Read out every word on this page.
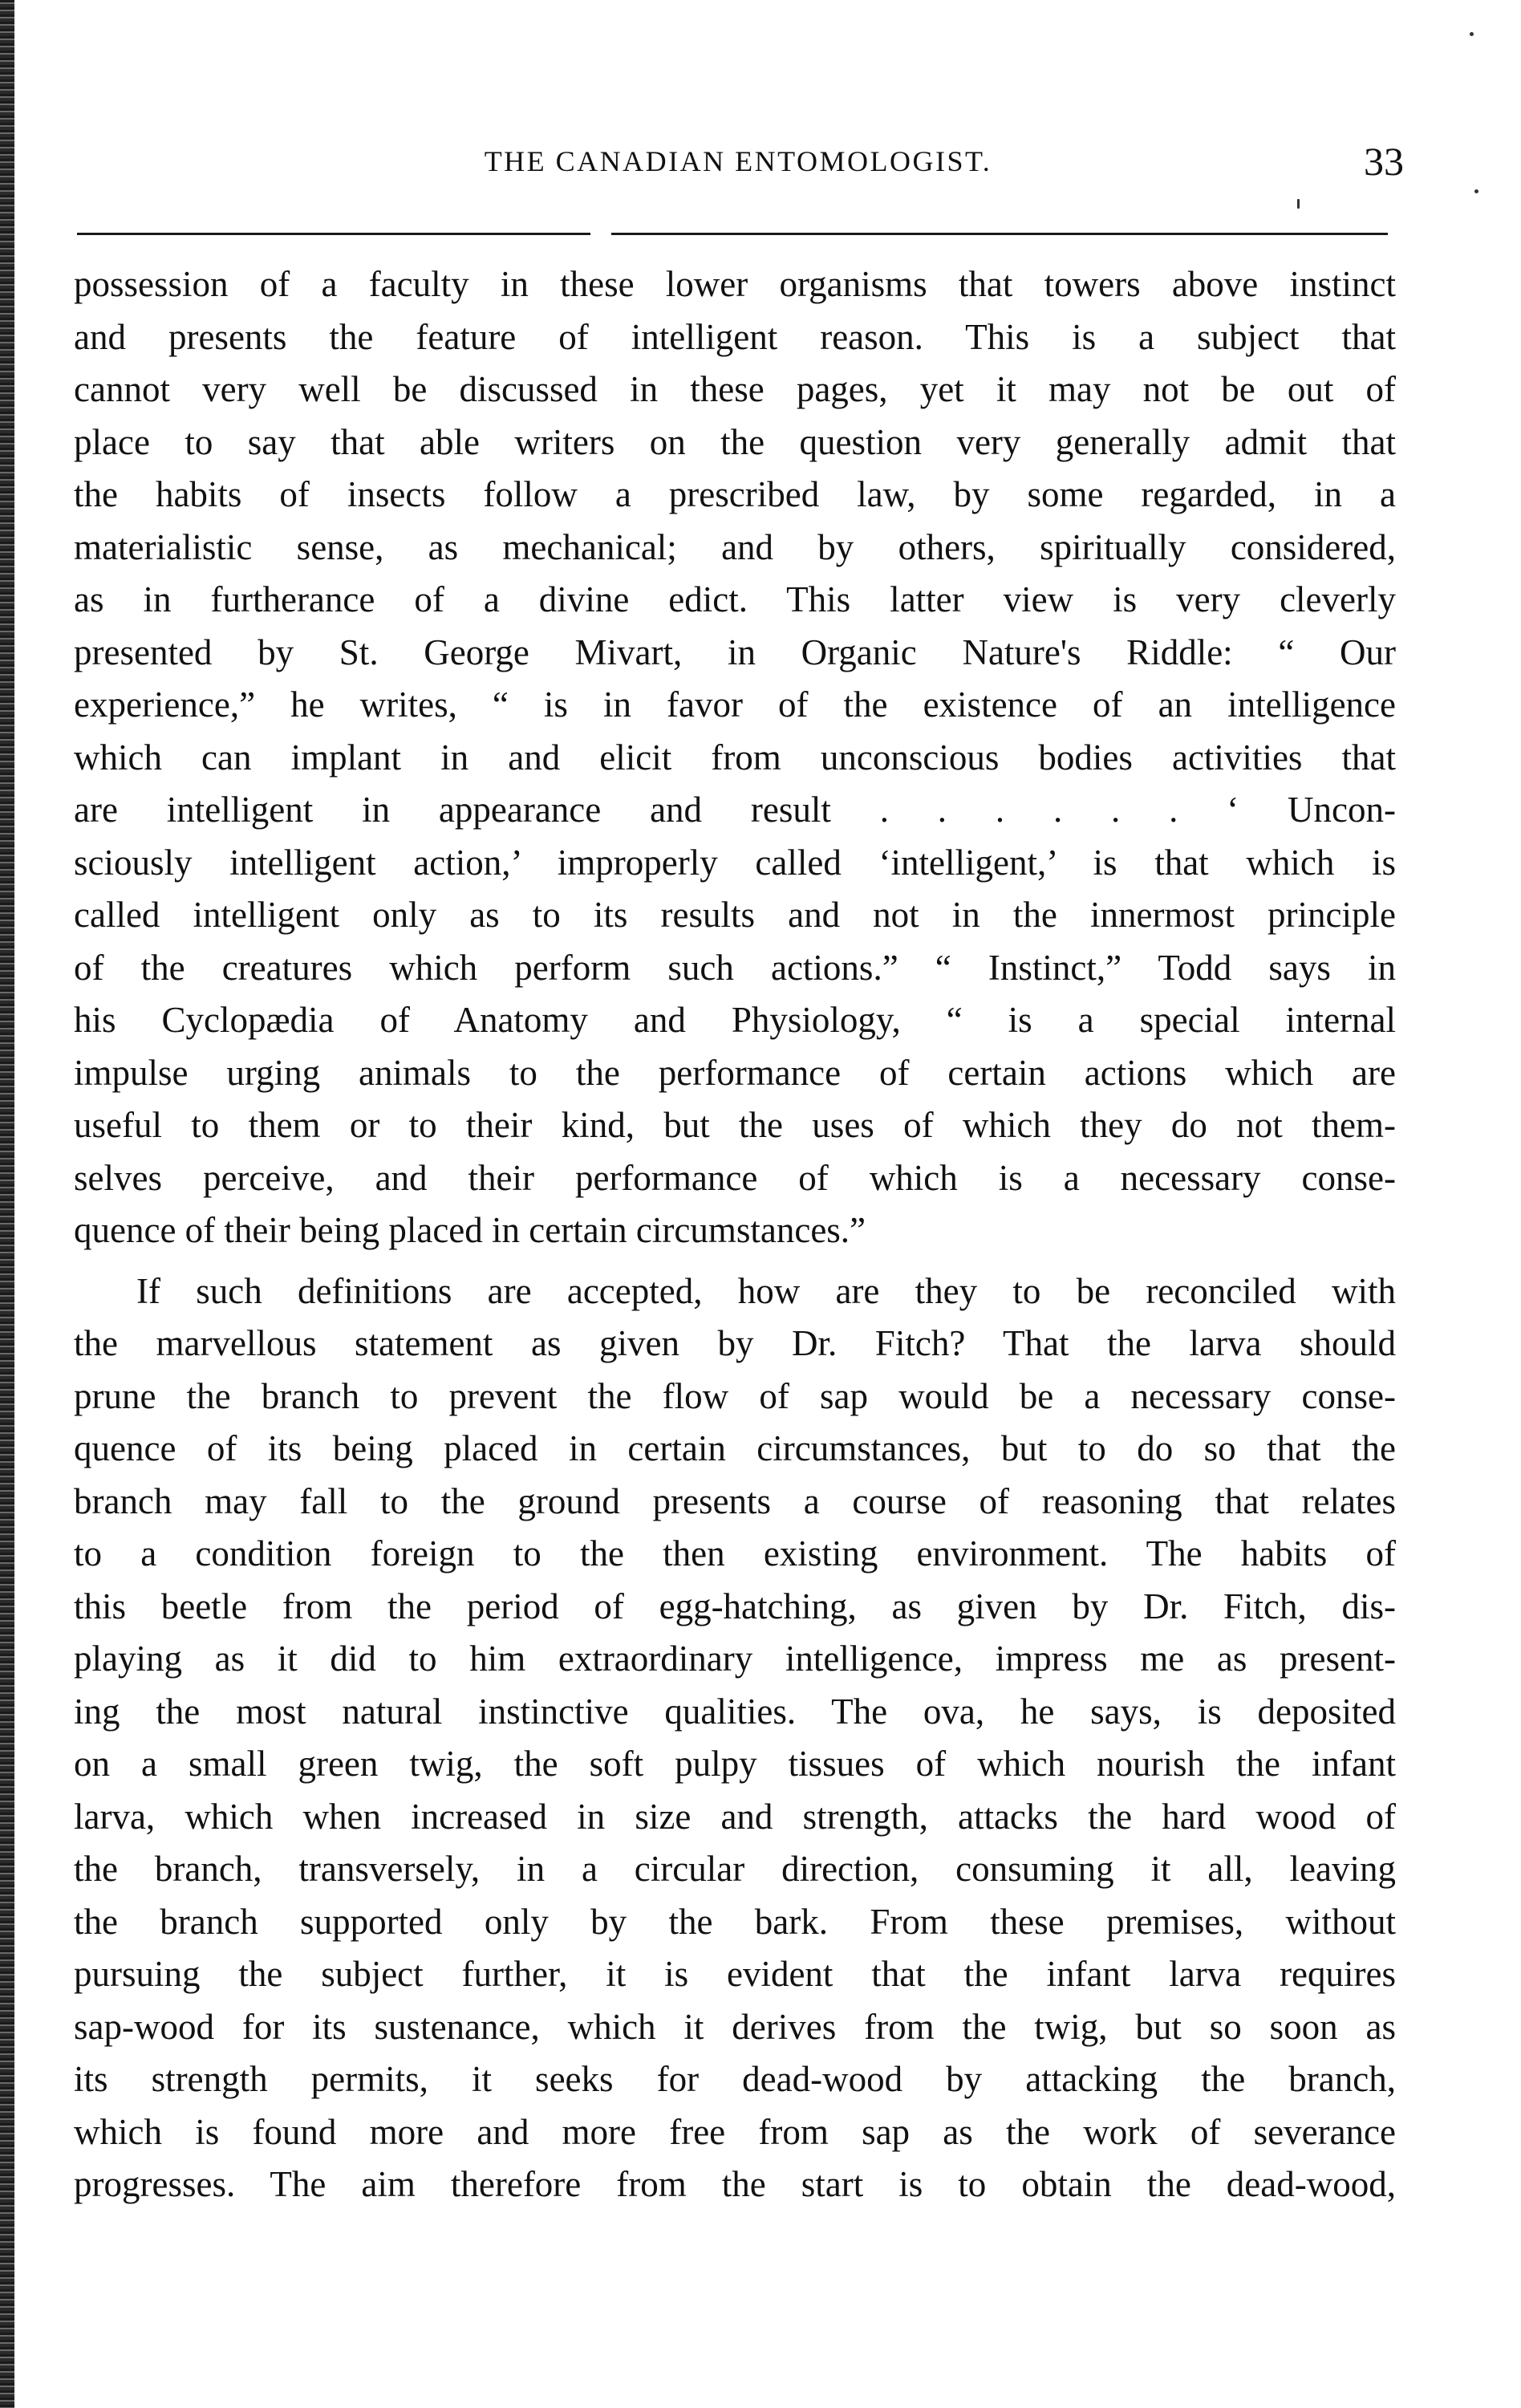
THE CANADIAN ENTOMOLOGIST.	33
possession of a faculty in these lower organisms that towers above instinct
and presents the feature of intelligent reason. This is a subject that
cannot very well be discussed in these pages, yet it may not be out of
place to say that able writers on the question very generally admit that
the habits of insects follow a prescribed law, by some regarded, in a
materialistic sense, as mechanical; and by others, spiritually considered,
as in furtherance of a divine edict. This latter view is very cleverly
presented by St. George Mivart, in Organic Nature's Riddle: “ Our
experience,” he writes, “ is in favor of the existence of an intelligence
which can implant in and elicit from unconscious bodies activities that
are intelligent in appearance and result . . . . . . ‘ Uncon-
sciously intelligent action,’ improperly called ‘intelligent,’ is that which is
called intelligent only as to its results and not in the innermost principle
of the creatures which perform such actions.” “ Instinct,” Todd says in
his Cyclopædia of Anatomy and Physiology, “ is a special internal
impulse urging animals to the performance of certain actions which are
useful to them or to their kind, but the uses of which they do not them-
selves perceive, and their performance of which is a necessary conse-
quence of their being placed in certain circumstances.”
If such definitions are accepted, how are they to be reconciled with
the marvellous statement as given by Dr. Fitch? That the larva should
prune the branch to prevent the flow of sap would be a necessary conse-
quence of its being placed in certain circumstances, but to do so that the
branch may fall to the ground presents a course of reasoning that relates
to a condition foreign to the then existing environment. The habits of
this beetle from the period of egg-hatching, as given by Dr. Fitch, dis-
playing as it did to him extraordinary intelligence, impress me as present-
ing the most natural instinctive qualities. The ova, he says, is deposited
on a small green twig, the soft pulpy tissues of which nourish the infant
larva, which when increased in size and strength, attacks the hard wood of
the branch, transversely, in a circular direction, consuming it all, leaving
the branch supported only by the bark. From these premises, without
pursuing the subject further, it is evident that the infant larva requires
sap-wood for its sustenance, which it derives from the twig, but so soon as
its strength permits, it seeks for dead-wood by attacking the branch,
which is found more and more free from sap as the work of severance
progresses. The aim therefore from the start is to obtain the dead-wood,
